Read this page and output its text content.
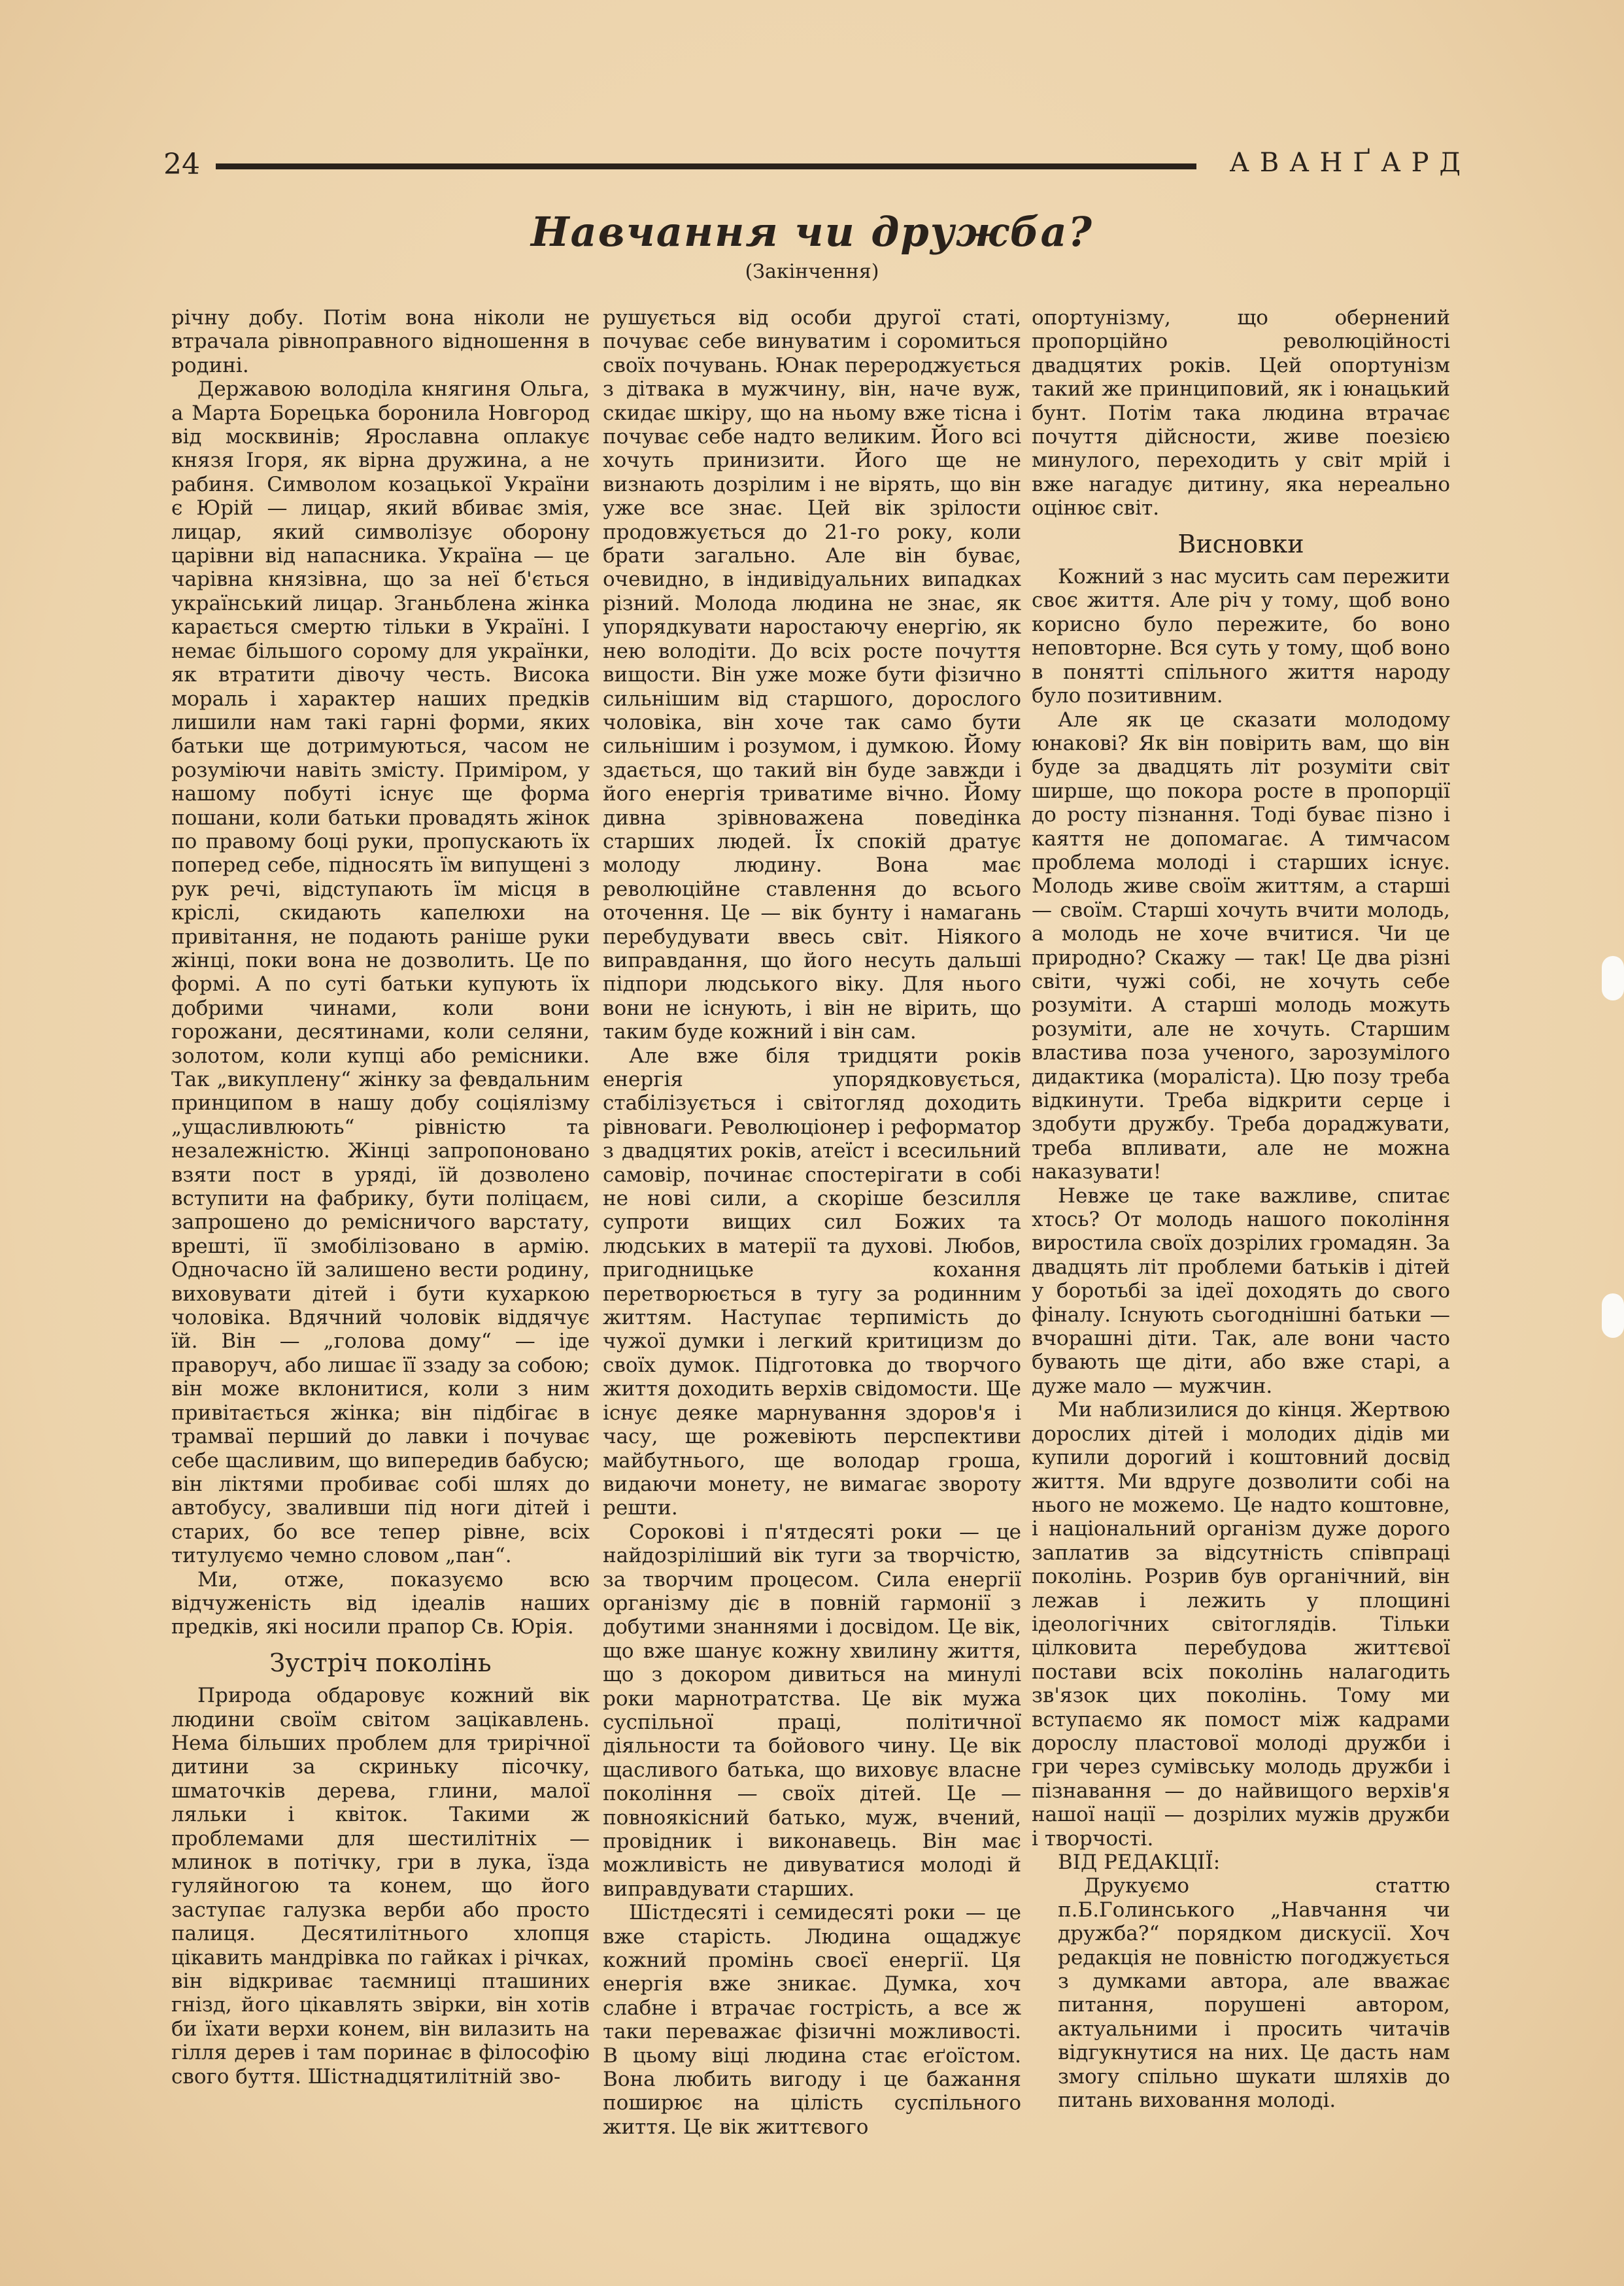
24	АВАНҐАРД
Навчання чи дружба?
(Закінчення)

річну добу. Потім вона ніколи не втрачала рівноправного відношення в родині.

Державою володіла княгиня Ольга, а Марта Борецька боронила Новгород від москвинів; Ярославна оплакує князя Ігоря, як вірна дружина, а не рабиня. Символом козацької України є Юрій — лицар, який вбиває змія, лицар, який символізує оборону царівни від напасника. Україна — це чарівна князівна, що за неї б'ється український лицар. Зганьблена жінка карається смертю тільки в Україні. І немає більшого сорому для українки, як втратити дівочу честь. Висока мораль і характер наших предків лишили нам такі гарні форми, яких батьки ще дотримуються, часом не розуміючи навіть змісту. Приміром, у нашому побуті існує ще форма пошани, коли батьки провадять жінок по правому боці руки, пропускають їх поперед себе, підносять їм випущені з рук речі, відступають їм місця в кріслі, скидають капелюхи на привітання, не подають раніше руки жінці, поки вона не дозволить. Це по формі. А по суті батьки купують їх добрими чинами, коли вони горожани, десятинами, коли селяни, золотом, коли купці або ремісники. Так „викуплену“ жінку за февдальним принципом в нашу добу соціялізму „ущасливлюють“ рівністю та незалежністю. Жінці запропоновано взяти пост в уряді, їй дозволено вступити на фабрику, бути поліцаєм, запрошено до ремісничого варстату, врешті, її змобілізовано в армію. Одночасно їй залишено вести родину, виховувати дітей і бути кухаркою чоловіка. Вдячний чоловік віддячує їй. Він — „голова дому“ — іде праворуч, або лишає її ззаду за собою; він може вклонитися, коли з ним привітається жінка; він підбігає в трамваї перший до лавки і почуває себе щасливим, що випередив бабусю; він ліктями пробиває собі шлях до автобусу, зваливши під ноги дітей і старих, бо все тепер рівне, всіх титулуємо чемно словом „пан“.

Ми, отже, показуємо всю відчуженість від ідеалів наших предків, які носили прапор Св. Юрія.

Зустріч поколінь

Природа обдаровує кожний вік людини своїм світом зацікавлень. Нема більших проблем для трирічної дитини за скриньку пісочку, шматочків дерева, глини, малої ляльки і квіток. Такими ж проблемами для шестилітніх — млинок в потічку, гри в лука, їзда гуляйногою та конем, що його заступає галузка верби або просто палиця. Десятилітнього хлопця цікавить мандрівка по гайках і річках, він відкриває таємниці пташиних гнізд, його цікавлять звірки, він хотів би їхати верхи конем, він вилазить на гілля дерев і там поринає в філософію свого буття. Шістнадцятилітній зво-

рушується від особи другої статі, почуває себе винуватим і соромиться своїх почувань. Юнак перероджується з дітвака в мужчину, він, наче вуж, скидає шкіру, що на ньому вже тісна і почуває себе надто великим. Його всі хочуть принизити. Його ще не визнають дозрілим і не вірять, що він уже все знає. Цей вік зрілости продовжується до 21-го року, коли брати загально. Але він буває, очевидно, в індивідуальних випадках різний. Молода людина не знає, як упорядкувати наростаючу енергію, як нею володіти. До всіх росте почуття вищости. Він уже може бути фізично сильнішим від старшого, дорослого чоловіка, він хоче так само бути сильнішим і розумом, і думкою. Йому здається, що такий він буде завжди і його енергія триватиме вічно. Йому дивна зрівноважена поведінка старших людей. Їх спокій дратує молоду людину. Вона має революційне ставлення до всього оточення. Це — вік бунту і намагань перебудувати ввесь світ. Ніякого виправдання, що його несуть дальші підпори людського віку. Для нього вони не існують, і він не вірить, що таким буде кожний і він сам.

Але вже біля тридцяти років енергія упорядковується, стабілізується і світогляд доходить рівноваги. Революціонер і реформатор з двадцятих років, атеїст і всесильний самовір, починає спостерігати в собі не нові сили, а скоріше безсилля супроти вищих сил Божих та людських в матерії та духові. Любов, пригодницьке кохання перетворюється в тугу за родинним життям. Наступає терпимість до чужої думки і легкий критицизм до своїх думок. Підготовка до творчого життя доходить верхів свідомости. Ще існує деяке марнування здоров'я і часу, ще рожевіють перспективи майбутнього, ще володар гроша, видаючи монету, не вимагає звороту решти.

Сорокові і п'ятдесяті роки — це найдозріліший вік туги за творчістю, за творчим процесом. Сила енергії організму діє в повній гармонії з добутими знаннями і досвідом. Це вік, що вже шанує кожну хвилину життя, що з докором дивиться на минулі роки марнотратства. Це вік мужа суспільної праці, політичної діяльности та бойового чину. Це вік щасливого батька, що виховує власне покоління — своїх дітей. Це — повноякісний батько, муж, вчений, провідник і виконавець. Він має можливість не дивуватися молоді й виправдувати старших.

Шістдесяті і семидесяті роки — це вже старість. Людина ощаджує кожний промінь своєї енергії. Ця енергія вже зникає. Думка, хоч слабне і втрачає гострість, а все ж таки переважає фізичні можливості. В цьому віці людина стає еґоїстом. Вона любить вигоду і це бажання поширює на цілість суспільного життя. Це вік життєвого

опортунізму, що обернений пропорційно революційності двадцятих років. Цей опортунізм такий же принциповий, як і юнацький бунт. Потім така людина втрачає почуття дійсности, живе поезією минулого, переходить у світ мрій і вже нагадує дитину, яка нереально оцінює світ.

Висновки

Кожний з нас мусить сам пережити своє життя. Але річ у тому, щоб воно корисно було пережите, бо воно неповторне. Вся суть у тому, щоб воно в понятті спільного життя народу було позитивним.

Але як це сказати молодому юнакові? Як він повірить вам, що він буде за двадцять літ розуміти світ ширше, що покора росте в пропорції до росту пізнання. Тоді буває пізно і каяття не допомагає. А тимчасом проблема молоді і старших існує. Молодь живе своїм життям, а старші — своїм. Старші хочуть вчити молодь, а молодь не хоче вчитися. Чи це природно? Скажу — так! Це два різні світи, чужі собі, не хочуть себе розуміти. А старші молодь можуть розуміти, але не хочуть. Старшим властива поза ученого, зарозумілого дидактика (мораліста). Цю позу треба відкинути. Треба відкрити серце і здобути дружбу. Треба дораджувати, треба впливати, але не можна наказувати!

Невже це таке важливе, спитає хтось? От молодь нашого покоління виростила своїх дозрілих громадян. За двадцять літ проблеми батьків і дітей у боротьбі за ідеї доходять до свого фіналу. Існують сьогоднішні батьки — вчорашні діти. Так, але вони часто бувають ще діти, або вже старі, а дуже мало — мужчин.

Ми наблизилися до кінця. Жертвою дорослих дітей і молодих дідів ми купили дорогий і коштовний досвід життя. Ми вдруге дозволити собі на нього не можемо. Це надто коштовне, і національний організм дуже дорого заплатив за відсутність співпраці поколінь. Розрив був органічний, він лежав і лежить у площині ідеологічних світоглядів. Тільки цілковита перебудова життєвої постави всіх поколінь налагодить зв'язок цих поколінь. Тому ми вступаємо як помост між кадрами дорослу пластової молоді дружби і гри через сумівську молодь дружби і пізнавання — до найвищого верхів'я нашої нації — дозрілих мужів дружби і творчості.

ВІД РЕДАКЦІЇ:

Друкуємо статтю п.Б.Голинського „Навчання чи дружба?“ порядком дискусії. Хоч редакція не повністю погоджується з думками автора, але вважає питання, порушені автором, актуальними і просить читачів відгукнутися на них. Це дасть нам змогу спільно шукати шляхів до питань виховання молоді.
